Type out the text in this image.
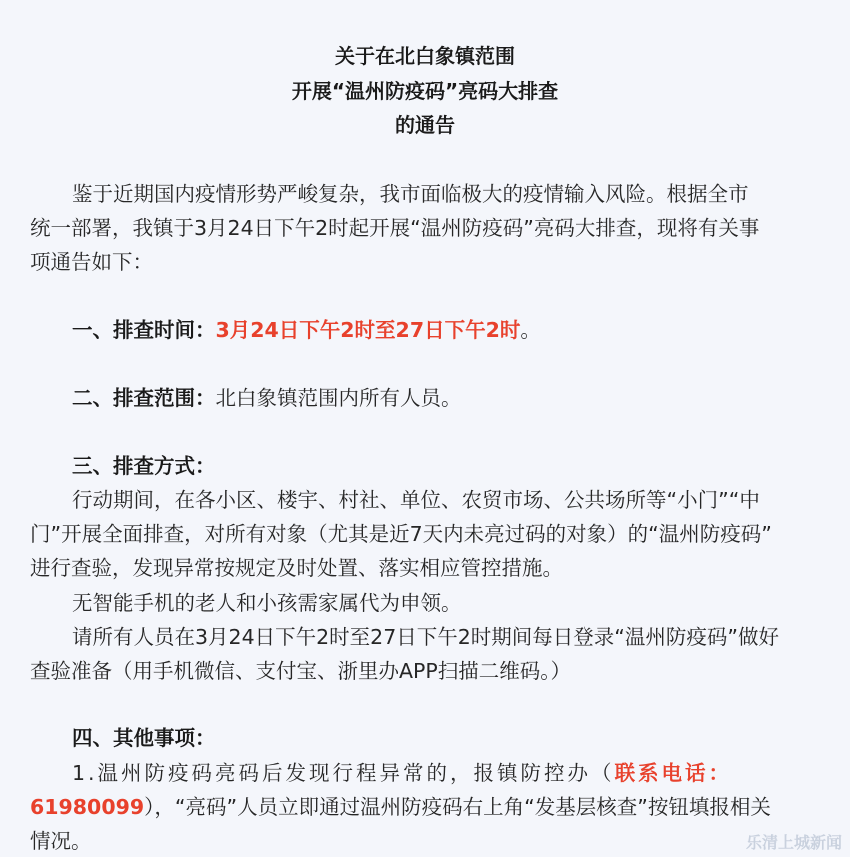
关于在北白象镇范围
开展“温州防疫码”亮码大排查
的通告
鉴于近期国内疫情形势严峻复杂，我市面临极大的疫情输入风险。根据全市
统一部署，我镇于3月24日下午2时起开展“温州防疫码”亮码大排查，现将有关事
项通告如下：
一、排查时间：3月24日下午2时至27日下午2时。
二、排查范围：北白象镇范围内所有人员。
三、排查方式：
行动期间，在各小区、楼宇、村社、单位、农贸市场、公共场所等“小门”“中
门”开展全面排查，对所有对象（尤其是近7天内未亮过码的对象）的“温州防疫码”
进行查验，发现异常按规定及时处置、落实相应管控措施。
无智能手机的老人和小孩需家属代为申领。
请所有人员在3月24日下午2时至27日下午2时期间每日登录“温州防疫码”做好
查验准备（用手机微信、支付宝、浙里办APP扫描二维码。）
四、其他事项：
1.温州防疫码亮码后发现行程异常的，报镇防控办（联系电话：
61980099），“亮码”人员立即通过温州防疫码右上角“发基层核查”按钮填报相关
情况。	乐清上城新闻
